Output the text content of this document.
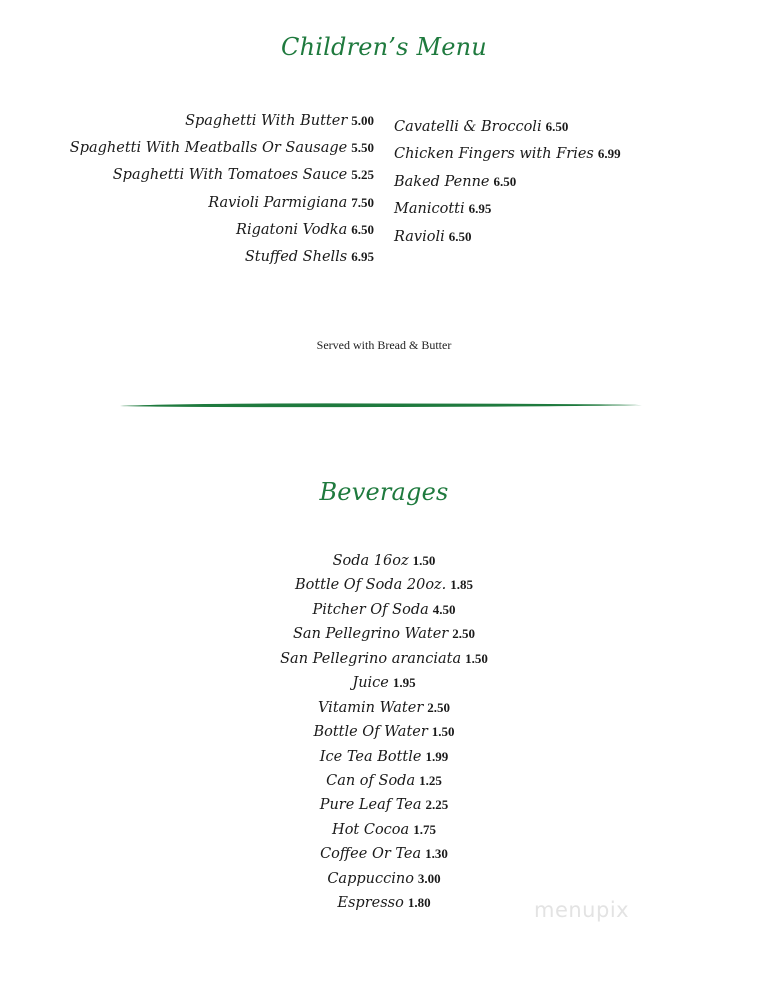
Children’s Menu
Spaghetti With Butter 5.00
Spaghetti With Meatballs Or Sausage 5.50
Spaghetti With Tomatoes Sauce 5.25
Ravioli Parmigiana 7.50
Rigatoni Vodka 6.50
Stuffed Shells 6.95
Cavatelli & Broccoli 6.50
Chicken Fingers with Fries 6.99
Baked Penne 6.50
Manicotti 6.95
Ravioli 6.50
Served with Bread & Butter
Beverages
Soda 16oz 1.50
Bottle Of Soda 20oz. 1.85
Pitcher Of Soda 4.50
San Pellegrino Water 2.50
San Pellegrino aranciata 1.50
Juice 1.95
Vitamin Water 2.50
Bottle Of Water 1.50
Ice Tea Bottle 1.99
Can of Soda 1.25
Pure Leaf Tea 2.25
Hot Cocoa 1.75
Coffee Or Tea 1.30
Cappuccino 3.00
Espresso 1.80	menupix
